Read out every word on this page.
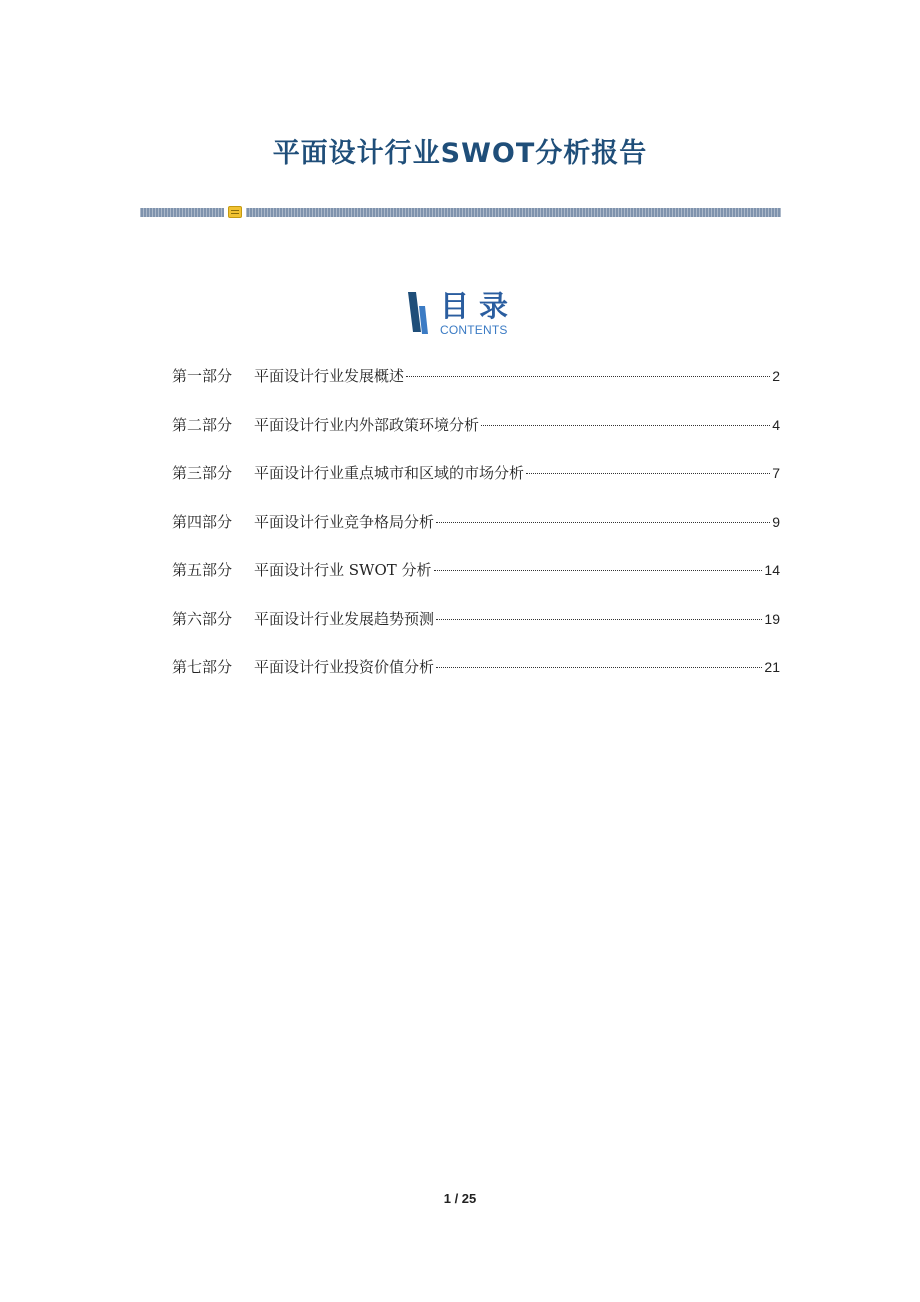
平面设计行业SWOT分析报告
目录
CONTENTS
第一部分	平面设计行业发展概述	2
第二部分	平面设计行业内外部政策环境分析	4
第三部分	平面设计行业重点城市和区域的市场分析	7
第四部分	平面设计行业竞争格局分析	9
第五部分	平面设计行业 SWOT 分析	14
第六部分	平面设计行业发展趋势预测	19
第七部分	平面设计行业投资价值分析	21
1 / 25
